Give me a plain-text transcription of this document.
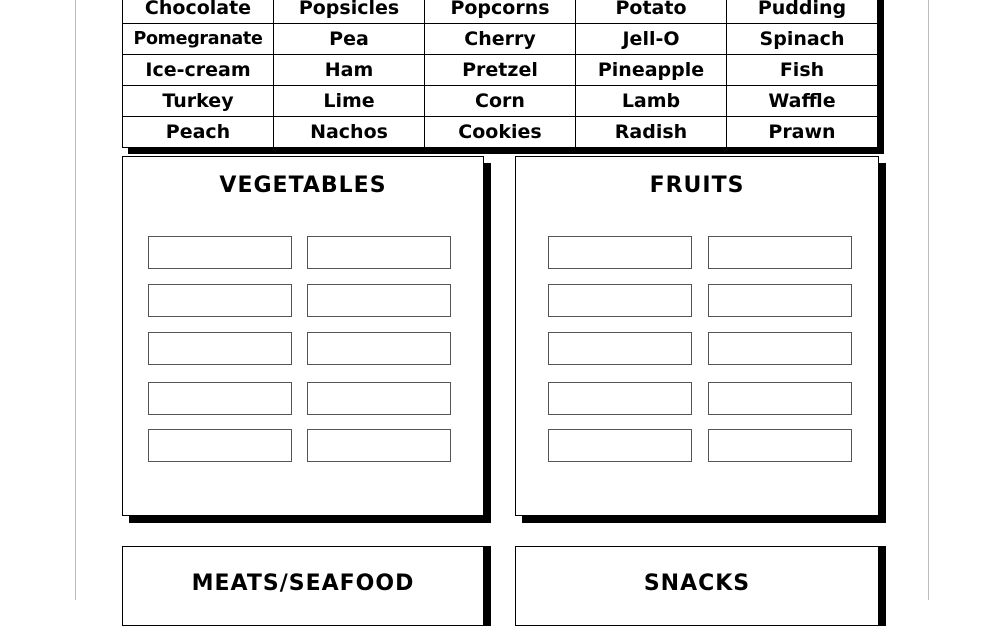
Chocolate	Popsicles	Popcorns	Potato	Pudding
Pomegranate	Pea	Cherry	Jell-O	Spinach
Ice-cream	Ham	Pretzel	Pineapple	Fish
Turkey	Lime	Corn	Lamb	Waffle
Peach	Nachos	Cookies	Radish	Prawn
VEGETABLES	FRUITS
MEATS/SEAFOOD	SNACKS
